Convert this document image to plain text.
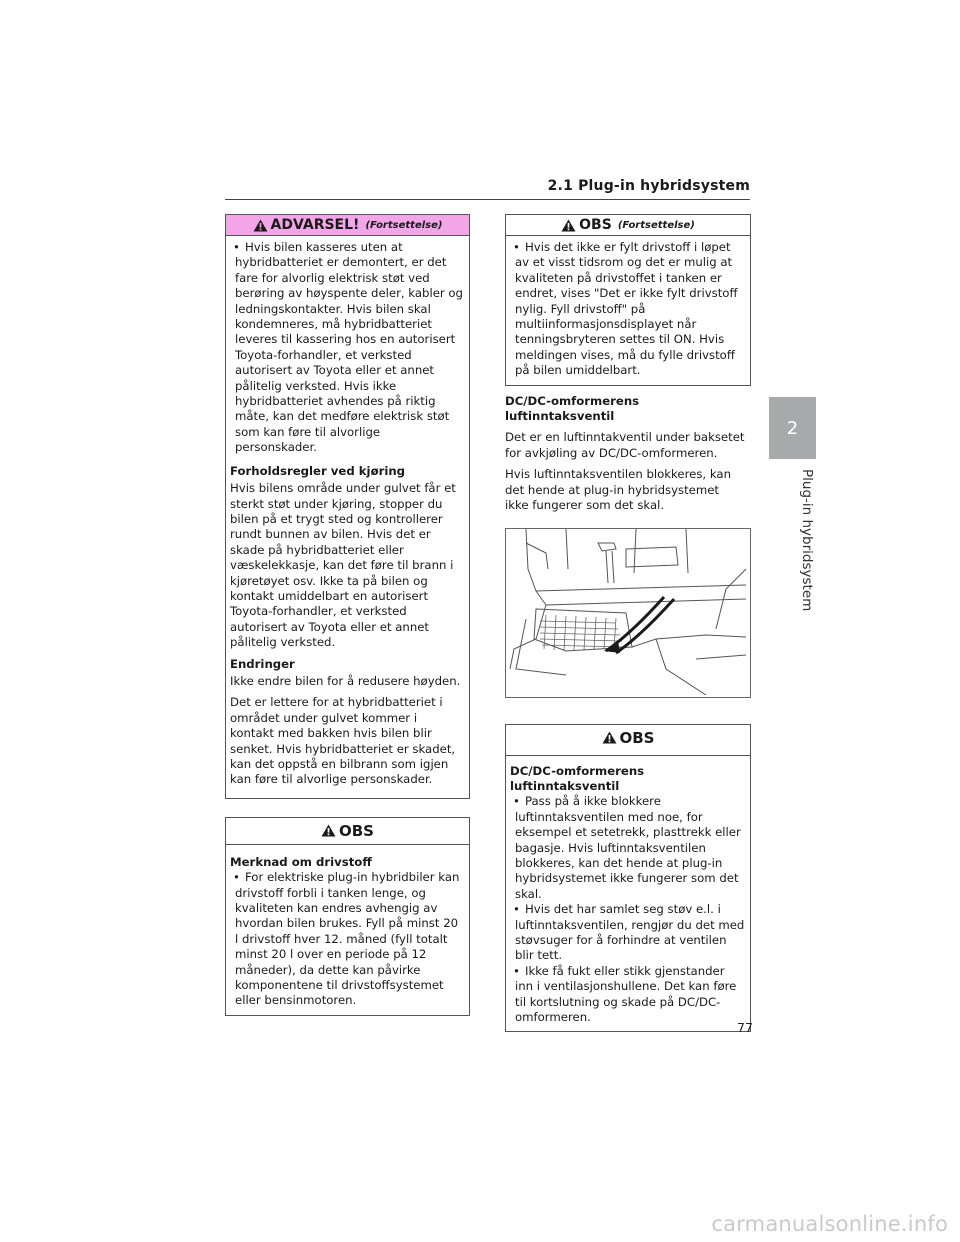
2.1 Plug-in hybridsystem
2
Plug-in hybridsystem
ADVARSEL! (Fortsettelse)
• Hvis bilen kasseres uten at hybridbatteriet er demontert, er det fare for alvorlig elektrisk støt ved berøring av høyspente deler, kabler og ledningskontakter. Hvis bilen skal kondemneres, må hybridbatteriet leveres til kassering hos en autorisert Toyota-forhandler, et verksted autorisert av Toyota eller et annet pålitelig verksted. Hvis ikke hybridbatteriet avhendes på riktig måte, kan det medføre elektrisk støt som kan føre til alvorlige personskader.
Forholdsregler ved kjøring

Hvis bilens område under gulvet får et sterkt støt under kjøring, stopper du bilen på et trygt sted og kontrollerer rundt bunnen av bilen. Hvis det er skade på hybridbatteriet eller væskelekkasje, kan det føre til brann i kjøretøyet osv. Ikke ta på bilen og kontakt umiddelbart en autorisert Toyota-forhandler, et verksted autorisert av Toyota eller et annet pålitelig verksted.

Endringer

Ikke endre bilen for å redusere høyden.

Det er lettere for at hybridbatteriet i området under gulvet kommer i kontakt med bakken hvis bilen blir senket. Hvis hybridbatteriet er skadet, kan det oppstå en bilbrann som igjen kan føre til alvorlige personskader.

OBS
Merknad om drivstoff
• For elektriske plug-in hybridbiler kan drivstoff forbli i tanken lenge, og kvaliteten kan endres avhengig av hvordan bilen brukes. Fyll på minst 20 l drivstoff hver 12. måned (fyll totalt minst 20 l over en periode på 12 måneder), da dette kan påvirke komponentene til drivstoffsystemet eller bensinmotoren.
OBS (Fortsettelse)
• Hvis det ikke er fylt drivstoff i løpet av et visst tidsrom og det er mulig at kvaliteten på drivstoffet i tanken er endret, vises "Det er ikke fylt drivstoff nylig. Fyll drivstoff" på multiinformasjonsdisplayet når tenningsbryteren settes til ON. Hvis meldingen vises, må du fylle drivstoff på bilen umiddelbart.
DC/DC-omformerens luftinntaksventil

Det er en luftinntakventil under baksetet for avkjøling av DC/DC-omformeren.

Hvis luftinntaksventilen blokkeres, kan det hende at plug-in hybridsystemet ikke fungerer som det skal.

OBS
DC/DC-omformerens luftinntaksventil
• Pass på å ikke blokkere luftinntaksventilen med noe, for eksempel et setetrekk, plasttrekk eller bagasje. Hvis luftinntaksventilen blokkeres, kan det hende at plug-in hybridsystemet ikke fungerer som det skal.
• Hvis det har samlet seg støv e.l. i luftinntaksventilen, rengjør du det med støvsuger for å forhindre at ventilen blir tett.
• Ikke få fukt eller stikk gjenstander inn i ventilasjonshullene. Det kan føre til kortslutning og skade på DC/DC-omformeren.
77
carmanualsonline.info
